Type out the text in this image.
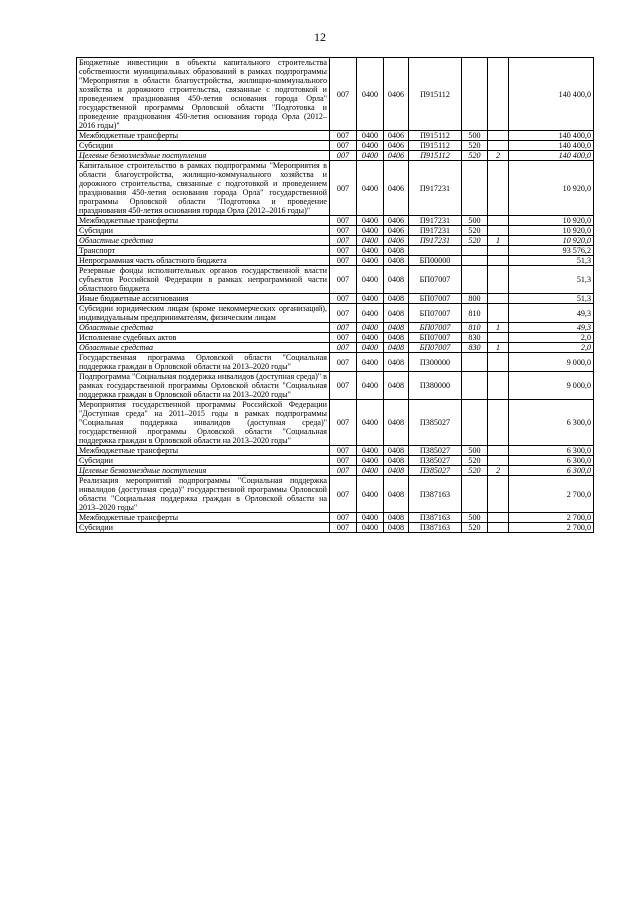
12
Бюджетные инвестиции в объекты капитального строительства собственности муниципальных образований в рамках подпрограммы "Мероприятия в области благоустройства, жилищно-коммунального хозяйства и дорожного строительства, связанные с подготовкой и проведением празднования 450-летия основания города Орла" государственной программы Орловской области "Подготовка и проведение празднования 450-летия основания города Орла (2012–2016 годы)"	007	0400	0406	П915112			140 400,0
Межбюджетные трансферты	007	0400	0406	П915112	500		140 400,0
Субсидии	007	0400	0406	П915112	520		140 400,0
Целевые безвозмездные поступления	007	0400	0406	П915112	520	2	140 400,0
Капитальное строительство в рамках подпрограммы "Мероприятия в области благоустройства, жилищно-коммунального хозяйства и дорожного строительства, связанные с подготовкой и проведением празднования 450-летия основания города Орла" государственной программы Орловской области "Подготовка и проведение празднования 450-летия основания города Орла (2012–2016 годы)"	007	0400	0406	П917231			10 920,0
Межбюджетные трансферты	007	0400	0406	П917231	500		10 920,0
Субсидии	007	0400	0406	П917231	520		10 920,0
Областные средства	007	0400	0406	П917231	520	1	10 920,0
Транспорт	007	0400	0408				93 576,2
Непрограммная часть областного бюджета	007	0400	0408	БП00000			51,3
Резервные фонды исполнительных органов государственной власти субъектов Российской Федерации в рамках непрограммной части областного бюджета	007	0400	0408	БП07007			51,3
Иные бюджетные ассигнования	007	0400	0408	БП07007	800		51,3
Субсидии юридическим лицам (кроме некоммерческих организаций), индивидуальным предпринимателям, физическим лицам	007	0400	0408	БП07007	810		49,3
Областные средства	007	0400	0408	БП07007	810	1	49,3
Исполнение судебных актов	007	0400	0408	БП07007	830		2,0
Областные средства	007	0400	0408	БП07007	830	1	2,0
Государственная программа Орловской области "Социальная поддержка граждан в Орловской области на 2013–2020 годы"	007	0400	0408	П300000			9 000,0
Подпрограмма "Социальная поддержка инвалидов (доступная среда)" в рамках государственной программы Орловской области "Социальная поддержка граждан в Орловской области на 2013–2020 годы"	007	0400	0408	П380000			9 000,0
Мероприятия государственной программы Российской Федерации "Доступная среда" на 2011–2015 годы в рамках подпрограммы "Социальная поддержка инвалидов (доступная среда)" государственной программы Орловской области "Социальная поддержка граждан в Орловской области на 2013–2020 годы"	007	0400	0408	П385027			6 300,0
Межбюджетные трансферты	007	0400	0408	П385027	500		6 300,0
Субсидии	007	0400	0408	П385027	520		6 300,0
Целевые безвозмездные поступления	007	0400	0408	П385027	520	2	6 300,0
Реализация мероприятий подпрограммы "Социальная поддержка инвалидов (доступная среда)" государственной программы Орловской области "Социальная поддержка граждан в Орловской области на 2013–2020 годы"	007	0400	0408	П387163			2 700,0
Межбюджетные трансферты	007	0400	0408	П387163	500		2 700,0
Субсидии	007	0400	0408	П387163	520		2 700,0
